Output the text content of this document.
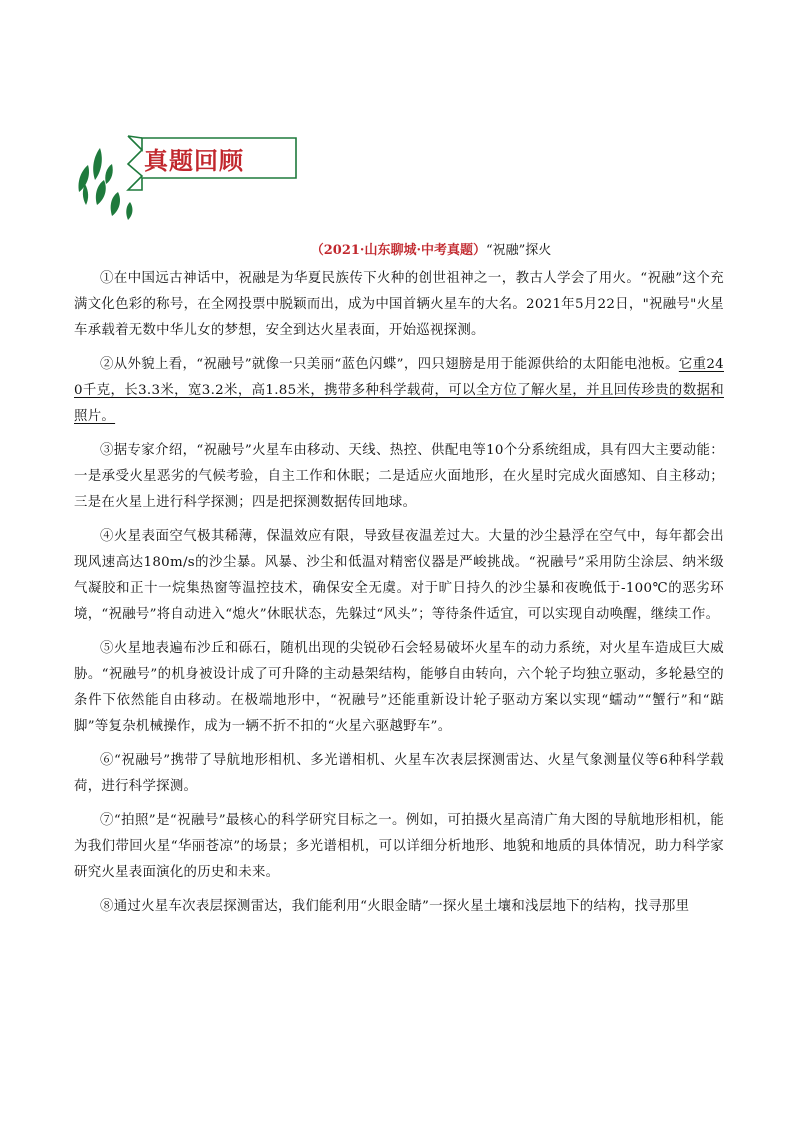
真题回顾
（2021·山东聊城·中考真题）“祝融”探火

①在中国远古神话中，祝融是为华夏民族传下火种的创世祖神之一，教古人学会了用火。“祝融”这个充满文化色彩的称号，在全网投票中脱颖而出，成为中国首辆火星车的大名。2021年5月22日，"祝融号"火星车承载着无数中华儿女的梦想，安全到达火星表面，开始巡视探测。

②从外貌上看，“祝融号”就像一只美丽“蓝色闪蝶”，四只翅膀是用于能源供给的太阳能电池板。它重240千克，长3.3米，宽3.2米，高1.85米，携带多种科学载荷，可以全方位了解火星，并且回传珍贵的数据和照片。

③据专家介绍，“祝融号”火星车由移动、天线、热控、供配电等10个分系统组成，具有四大主要动能：一是承受火星恶劣的气候考验，自主工作和休眠；二是适应火面地形，在火星时完成火面感知、自主移动；三是在火星上进行科学探测；四是把探测数据传回地球。

④火星表面空气极其稀薄，保温效应有限，导致昼夜温差过大。大量的沙尘悬浮在空气中，每年都会出现风速高达180m/s的沙尘暴。风暴、沙尘和低温对精密仪器是严峻挑战。“祝融号”采用防尘涂层、纳米级气凝胶和正十一烷集热窗等温控技术，确保安全无虞。对于旷日持久的沙尘暴和夜晚低于-100℃的恶劣环境，“祝融号”将自动进入“熄火”休眠状态，先躲过“风头”；等待条件适宜，可以实现自动唤醒，继续工作。

⑤火星地表遍布沙丘和砾石，随机出现的尖锐砂石会轻易破坏火星车的动力系统，对火星车造成巨大威胁。“祝融号”的机身被设计成了可升降的主动悬架结构，能够自由转向，六个轮子均独立驱动，多轮悬空的条件下依然能自由移动。在极端地形中，“祝融号”还能重新设计轮子驱动方案以实现“蠕动”“蟹行”和“踮脚”等复杂机械操作，成为一辆不折不扣的“火星六驱越野车”。

⑥“祝融号”携带了导航地形相机、多光谱相机、火星车次表层探测雷达、火星气象测量仪等6种科学载荷，进行科学探测。

⑦“拍照”是“祝融号”最核心的科学研究目标之一。例如，可拍摄火星高清广角大图的导航地形相机，能为我们带回火星“华丽苍凉”的场景；多光谱相机，可以详细分析地形、地貌和地质的具体情况，助力科学家研究火星表面演化的历史和未来。

⑧通过火星车次表层探测雷达，我们能利用“火眼金睛”一探火星土壤和浅层地下的结构，找寻那里
